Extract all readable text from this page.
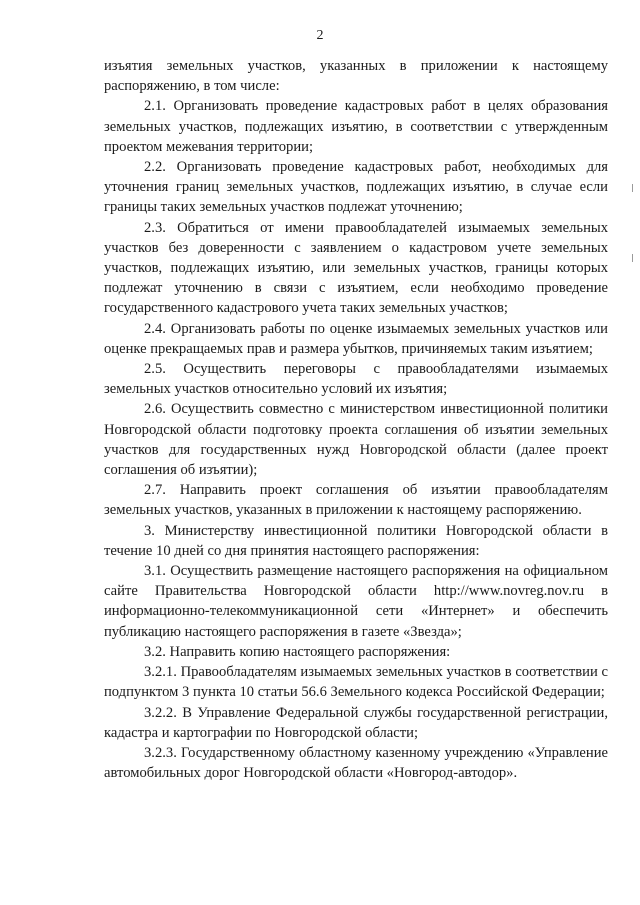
2

изъятия земельных участков, указанных в приложении к настоящему распоряжению, в том числе:

2.1. Организовать проведение кадастровых работ в целях образования земельных участков, подлежащих изъятию, в соответствии с утвержденным проектом межевания территории;

2.2. Организовать проведение кадастровых работ, необходимых для уточнения границ земельных участков, подлежащих изъятию, в случае если границы таких земельных участков подлежат уточнению;

2.3. Обратиться от имени правообладателей изымаемых земельных участков без доверенности с заявлением о кадастровом учете земельных участков, подлежащих изъятию, или земельных участков, границы которых подлежат уточнению в связи с изъятием, если необходимо проведение государственного кадастрового учета таких земельных участков;

2.4. Организовать работы по оценке изымаемых земельных участков или оценке прекращаемых прав и размера убытков, причиняемых таким изъятием;

2.5. Осуществить переговоры с правообладателями изымаемых земельных участков относительно условий их изъятия;

2.6. Осуществить совместно с министерством инвестиционной политики Новгородской области подготовку проекта соглашения об изъятии земельных участков для государственных нужд Новгородской области (далее проект соглашения об изъятии);

2.7. Направить проект соглашения об изъятии правообладателям земельных участков, указанных в приложении к настоящему распоряжению.

3. Министерству инвестиционной политики Новгородской области в течение 10 дней со дня принятия настоящего распоряжения:

3.1. Осуществить размещение настоящего распоряжения на официальном сайте Правительства Новгородской области http://www.novreg.nov.ru в информационно-телекоммуникационной сети «Интернет» и обеспечить публикацию настоящего распоряжения в газете «Звезда»;

3.2. Направить копию настоящего распоряжения:

3.2.1. Правообладателям изымаемых земельных участков в соответствии с подпунктом 3 пункта 10 статьи 56.6 Земельного кодекса Российской Федерации;

3.2.2. В Управление Федеральной службы государственной регистрации, кадастра и картографии по Новгородской области;

3.2.3. Государственному областному казенному учреждению «Управление автомобильных дорог Новгородской области «Новгород-автодор».
